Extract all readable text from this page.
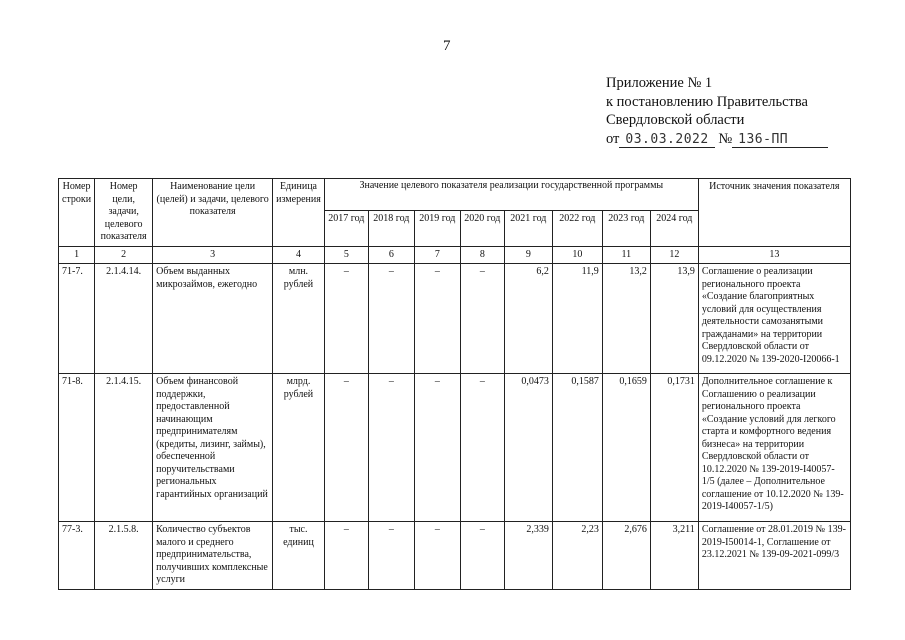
7
Приложение № 1
к постановлению Правительства
Свердловской области
от 03.03.2022 № 136-ПП
Номер строки	Номер цели, задачи, целевого показателя	Наименование цели (целей) и задачи, целевого показателя	Единица измерения	Значение целевого показателя реализации государственной программы								Источник значения показателя
				2017 год	2018 год	2019 год	2020 год	2021 год	2022 год	2023 год	2024 год	
1	2	3	4	5	6	7	8	9	10	11	12	13
71-7.	2.1.4.14.	Объем выданных микрозаймов, ежегодно	млн. рублей	–	–	–	–	6,2	11,9	13,2	13,9	Соглашение о реализации регионального проекта «Создание благоприятных условий для осуществления деятельности самозанятыми гражданами» на территории Свердловской области от 09.12.2020 № 139-2020-I20066-1
71-8.	2.1.4.15.	Объем финансовой поддержки, предоставленной начинающим предпринимателям (кредиты, лизинг, займы), обеспеченной поручительствами региональных гарантийных организаций	млрд. рублей	–	–	–	–	0,0473	0,1587	0,1659	0,1731	Дополнительное соглашение к Соглашению о реализации регионального проекта «Создание условий для легкого старта и комфортного ведения бизнеса» на территории Свердловской области от 10.12.2020 № 139-2019-I40057-1/5 (далее – Дополнительное соглашение от 10.12.2020 № 139-2019-I40057-1/5)
77-3.	2.1.5.8.	Количество субъектов малого и среднего предпринимательства, получивших комплексные услуги	тыс. единиц	–	–	–	–	2,339	2,23	2,676	3,211	Соглашение от 28.01.2019 № 139-2019-I50014-1, Соглашение от 23.12.2021 № 139-09-2021-099/3
